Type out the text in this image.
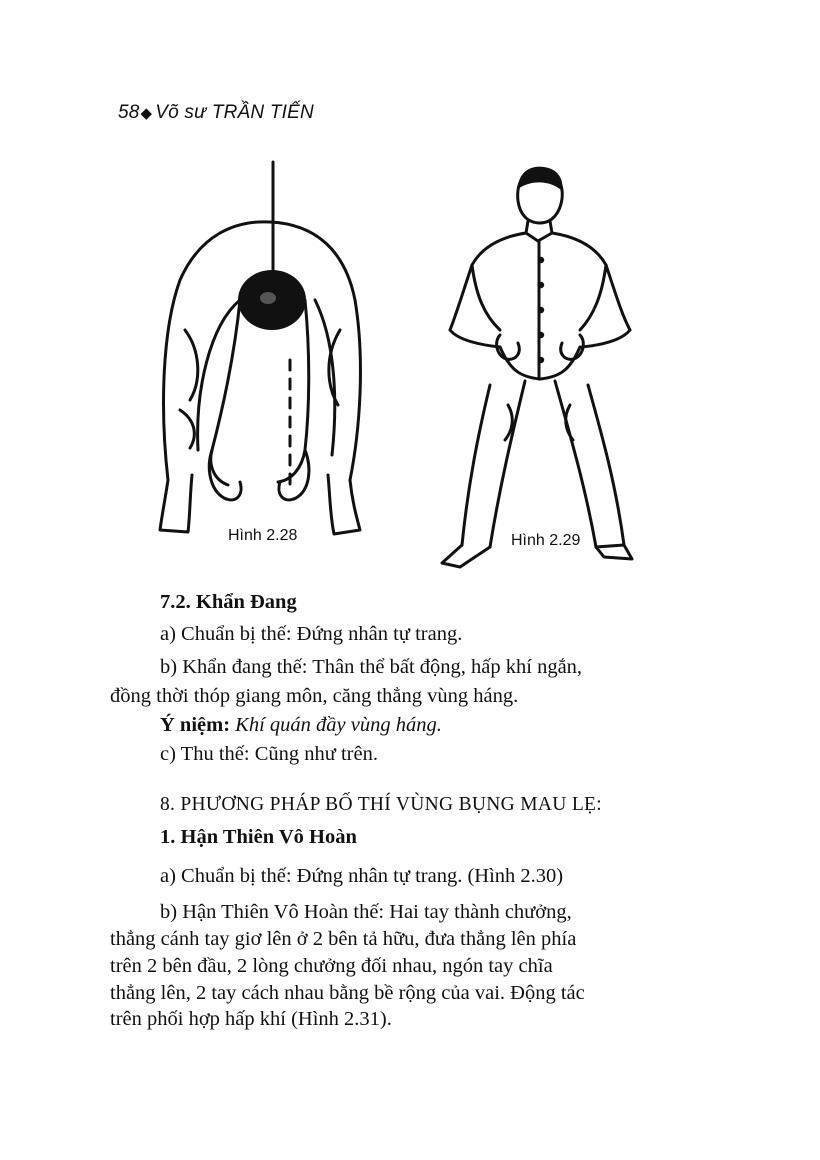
58◆ Võ sư TRẦN TIẾN
Hình 2.28	Hình 2.29
7.2. Khẩn Đang
a) Chuẩn bị thế: Đứng nhân tự trang.
b) Khẩn đang thế: Thân thể bất động, hấp khí ngắn,
đồng thời thóp giang môn, căng thẳng vùng háng.
Ý niệm: Khí quán đầy vùng háng.
c) Thu thế: Cũng như trên.
8. PHƯƠNG PHÁP BỐ THÍ VÙNG BỤNG MAU LẸ:
1. Hận Thiên Vô Hoàn
a) Chuẩn bị thế: Đứng nhân tự trang. (Hình 2.30)
b) Hận Thiên Vô Hoàn thế: Hai tay thành chưởng,
thẳng cánh tay giơ lên ở 2 bên tả hữu, đưa thẳng lên phía
trên 2 bên đầu, 2 lòng chưởng đối nhau, ngón tay chĩa
thẳng lên, 2 tay cách nhau bằng bề rộng của vai. Động tác
trên phối hợp hấp khí (Hình 2.31).
